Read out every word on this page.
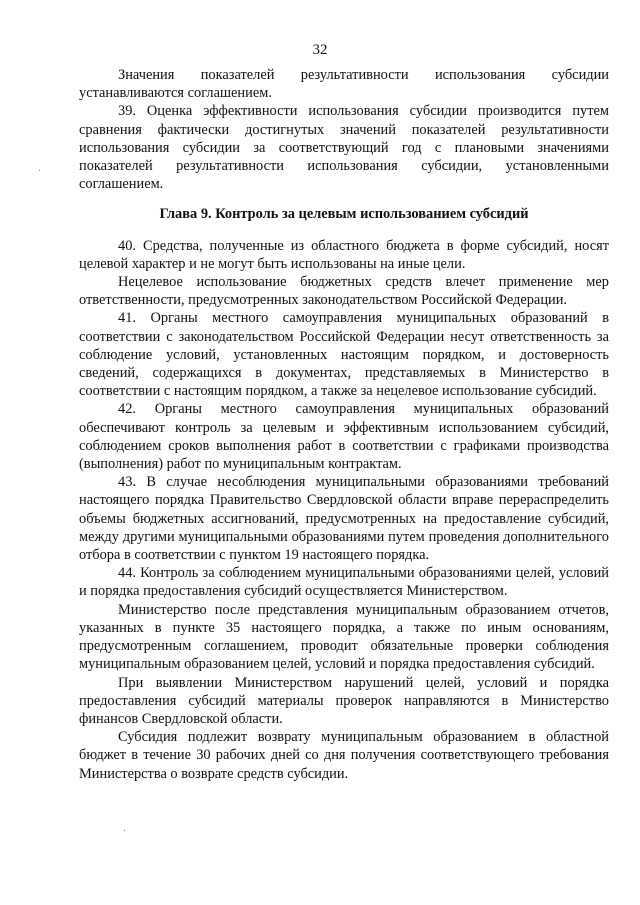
32

Значения показателей результативности использования субсидии устанавливаются соглашением.

39. Оценка эффективности использования субсидии производится путем сравнения фактически достигнутых значений показателей результативности использования субсидии за соответствующий год с плановыми значениями показателей результативности использования субсидии, установленными соглашением.

Глава 9. Контроль за целевым использованием субсидий

40. Средства, полученные из областного бюджета в форме субсидий, носят целевой характер и не могут быть использованы на иные цели.

Нецелевое использование бюджетных средств влечет применение мер ответственности, предусмотренных законодательством Российской Федерации.

41. Органы местного самоуправления муниципальных образований в соответствии с законодательством Российской Федерации несут ответственность за соблюдение условий, установленных настоящим порядком, и достоверность сведений, содержащихся в документах, представляемых в Министерство в соответствии с настоящим порядком, а также за нецелевое использование субсидий.

42. Органы местного самоуправления муниципальных образований обеспечивают контроль за целевым и эффективным использованием субсидий, соблюдением сроков выполнения работ в соответствии с графиками производства (выполнения) работ по муниципальным контрактам.

43. В случае несоблюдения муниципальными образованиями требований настоящего порядка Правительство Свердловской области вправе перераспределить объемы бюджетных ассигнований, предусмотренных на предоставление субсидий, между другими муниципальными образованиями путем проведения дополнительного отбора в соответствии с пунктом 19 настоящего порядка.

44. Контроль за соблюдением муниципальными образованиями целей, условий и порядка предоставления субсидий осуществляется Министерством.

Министерство после представления муниципальным образованием отчетов, указанных в пункте 35 настоящего порядка, а также по иным основаниям, предусмотренным соглашением, проводит обязательные проверки соблюдения муниципальным образованием целей, условий и порядка предоставления субсидий.

При выявлении Министерством нарушений целей, условий и порядка предоставления субсидий материалы проверок направляются в Министерство финансов Свердловской области.

Субсидия подлежит возврату муниципальным образованием в областной бюджет в течение 30 рабочих дней со дня получения соответствующего требования Министерства о возврате средств субсидии.

·
·
